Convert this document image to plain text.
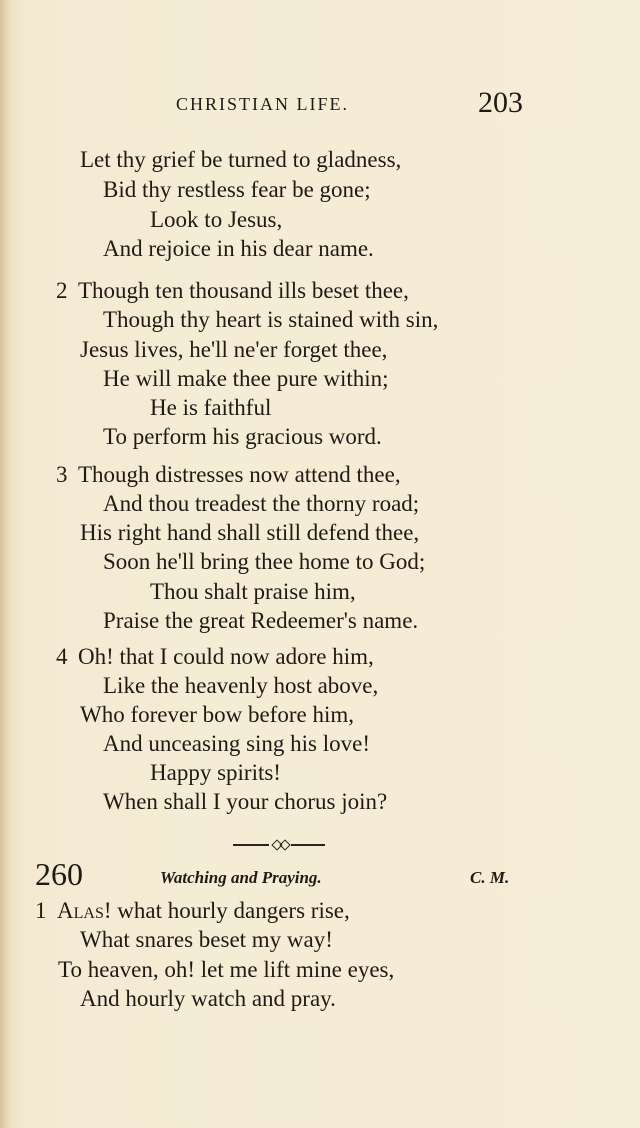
CHRISTIAN LIFE.	203
Let thy grief be turned to gladness,
Bid thy restless fear be gone;
Look to Jesus,
And rejoice in his dear name.
2 Though ten thousand ills beset thee,
Though thy heart is stained with sin,
Jesus lives, he'll ne'er forget thee,
He will make thee pure within;
He is faithful
To perform his gracious word.
3 Though distresses now attend thee,
And thou treadest the thorny road;
His right hand shall still defend thee,
Soon he'll bring thee home to God;
Thou shalt praise him,
Praise the great Redeemer's name.
4 Oh! that I could now adore him,
Like the heavenly host above,
Who forever bow before him,
And unceasing sing his love!
Happy spirits!
When shall I your chorus join?
260	Watching and Praying.	C. M.
1 Alas! what hourly dangers rise,
What snares beset my way!
To heaven, oh! let me lift mine eyes,
And hourly watch and pray.
